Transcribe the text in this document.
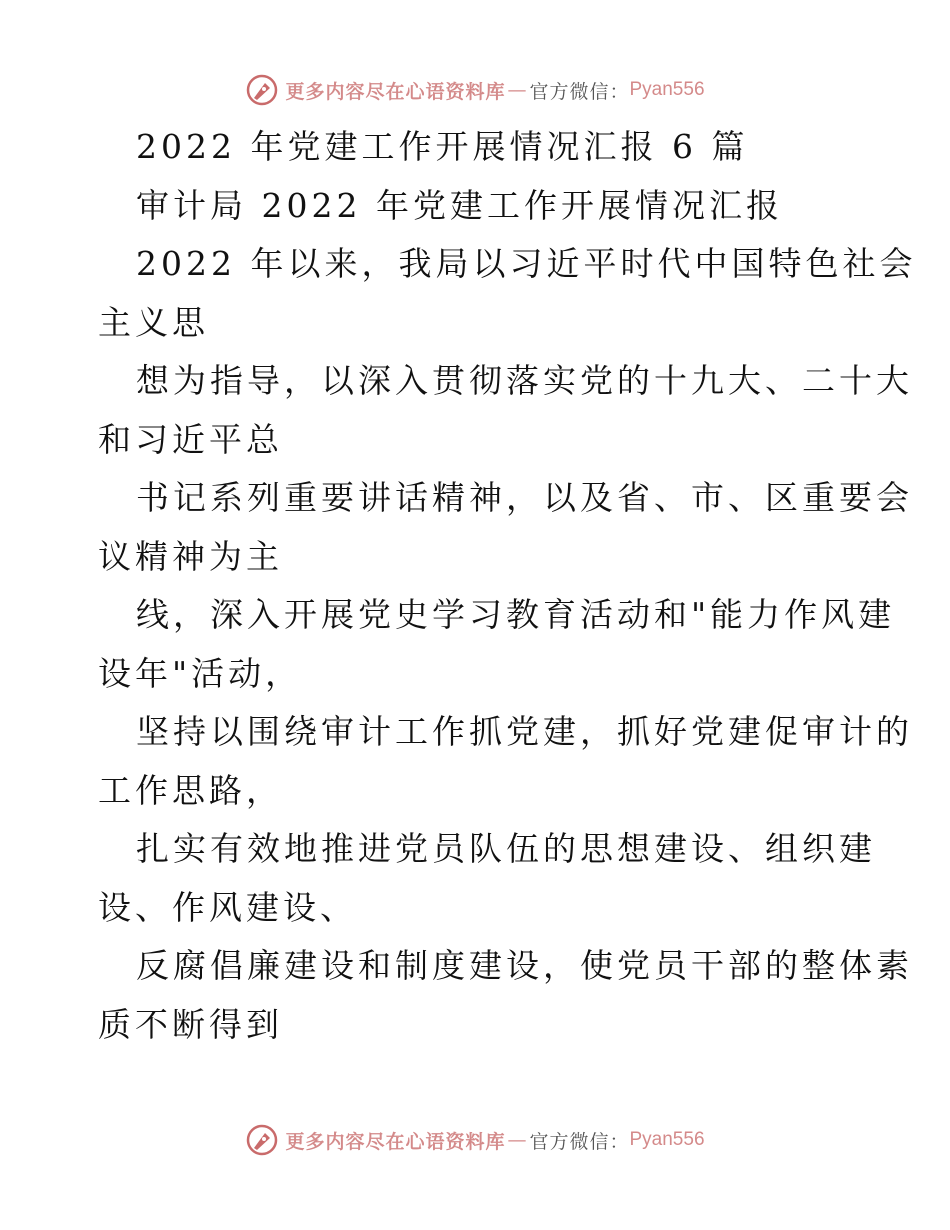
更多内容尽在心语资料库 — 官方微信： Pyan556
2022 年党建工作开展情况汇报 6 篇
审计局 2022 年党建工作开展情况汇报
2022 年以来，我局以习近平时代中国特色社会
主义思
想为指导，以深入贯彻落实党的十九大、二十大
和习近平总
书记系列重要讲话精神，以及省、市、区重要会
议精神为主
线，深入开展党史学习教育活动和"能力作风建
设年"活动，
坚持以围绕审计工作抓党建，抓好党建促审计的
工作思路，
扎实有效地推进党员队伍的思想建设、组织建
设、作风建设、
反腐倡廉建设和制度建设，使党员干部的整体素
质不断得到
更多内容尽在心语资料库 — 官方微信： Pyan556
